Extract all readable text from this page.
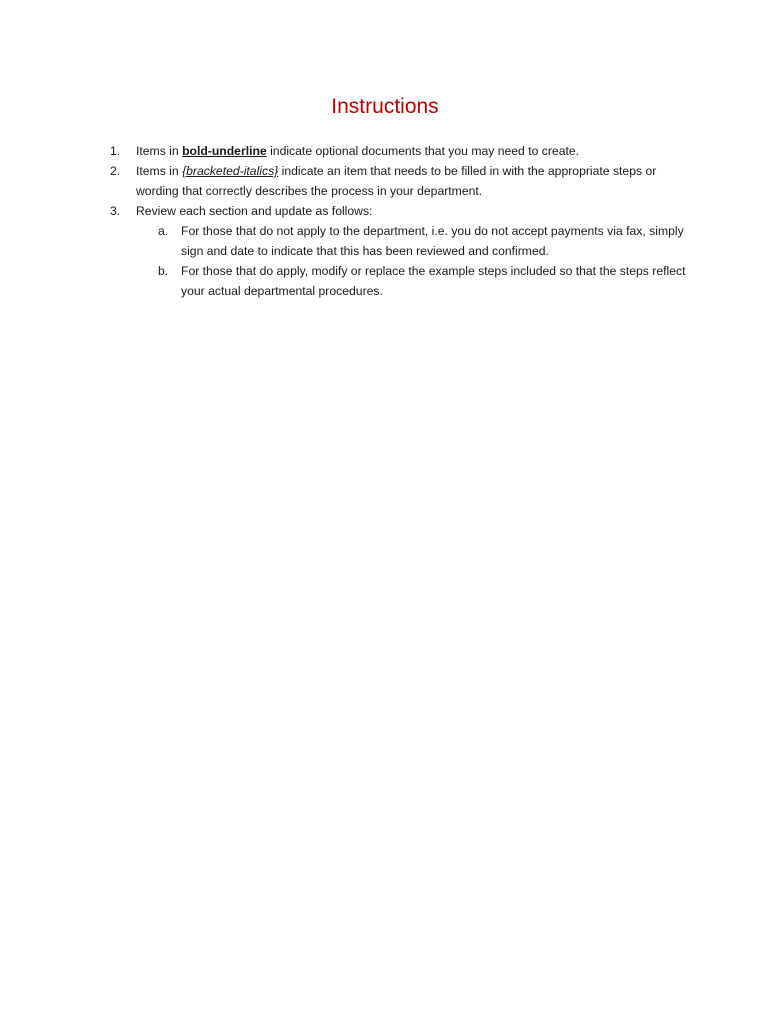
Instructions
1. Items in bold-underline indicate optional documents that you may need to create.
2. Items in {bracketed-italics} indicate an item that needs to be filled in with the appropriate steps or wording that correctly describes the process in your department.
3. Review each section and update as follows:
a. For those that do not apply to the department, i.e. you do not accept payments via fax, simply sign and date to indicate that this has been reviewed and confirmed.
b. For those that do apply, modify or replace the example steps included so that the steps reflect your actual departmental procedures.
